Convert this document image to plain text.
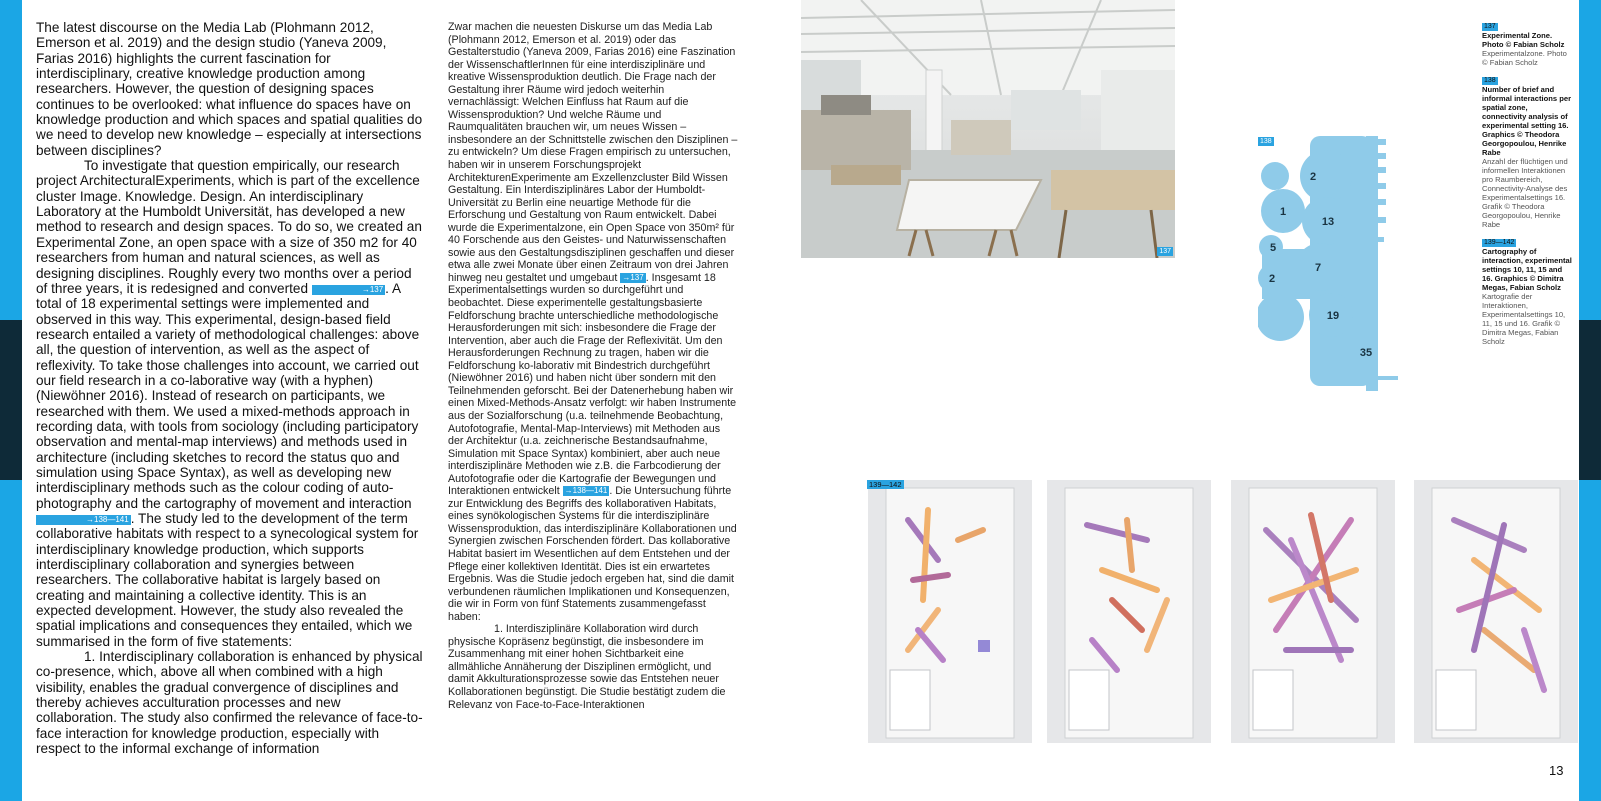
The latest discourse on the Media Lab (Plohmann 2012, Emerson et al. 2019) and the design studio (Yaneva 2009, Farias 2016) highlights the current fascination for interdisciplinary, creative knowledge production among researchers. However, the question of designing spaces continues to be overlooked: what influence do spaces have on knowledge production and which spaces and spatial qualities do we need to develop new knowledge – especially at intersections between disciplines?

To investigate that question empirically, our research project ArchitecturalExperiments, which is part of the excellence cluster Image. Knowledge. Design. An interdisciplinary Laboratory at the Humboldt Universität, has developed a new method to research and design spaces. To do so, we created an Experimental Zone, an open space with a size of 350 m2 for 40 researchers from human and natural sciences, as well as designing disciplines. Roughly every two months over a period of three years, it is redesigned and converted	→137 . A total of 18 experimental settings were implemented and observed in this way. This experimental, design-based field research entailed a variety of methodological challenges: above all, the question of intervention, as well as the aspect of reflexivity. To take those challenges into account, we carried out our field research in a co-laborative way (with a hyphen) (Niewöhner 2016). Instead of research on participants, we researched with them. We used a mixed-methods approach in recording data, with tools from sociology (including participatory observation and mental-map interviews) and methods used in architecture (including sketches to record the status quo and simulation using Space Syntax), as well as developing new interdisciplinary methods such as the colour coding of auto-photography and the cartography of movement and interaction →138—141 . The study led to the development of the term collaborative habitats with respect to a synecological system for interdisciplinary knowledge production, which supports interdisciplinary collaboration and synergies between researchers. The collaborative habitat is largely based on creating and maintaining a collective identity. This is an expected development. However, the study also revealed the spatial implications and consequences they entailed, which we summarised in the form of five statements:

1. Interdisciplinary collaboration is enhanced by physical co-presence, which, above all when combined with a high visibility, enables the gradual convergence of disciplines and thereby achieves acculturation processes and new collaboration. The study also confirmed the relevance of face-to-face interaction for knowledge production, especially with respect to the informal exchange of information

Zwar machen die neuesten Diskurse um das Media Lab (Plohmann 2012, Emerson et al. 2019) oder das Gestalterstudio (Yaneva 2009, Farias 2016) eine Faszination der WissenschaftlerInnen für eine interdisziplinäre und kreative Wissensproduktion deutlich. Die Frage nach der Gestaltung ihrer Räume wird jedoch weiterhin vernachlässigt: Welchen Einfluss hat Raum auf die Wissensproduktion? Und welche Räume und Raumqualitäten brauchen wir, um neues Wissen – insbesondere an der Schnittstelle zwischen den Disziplinen – zu entwickeln? Um diese Fragen empirisch zu untersuchen, haben wir in unserem Forschungsprojekt ArchitekturenExperimente am Exzellenzcluster Bild Wissen Gestaltung. Ein Interdisziplinäres Labor der Humboldt-Universität zu Berlin eine neuartige Methode für die Erforschung und Gestaltung von Raum entwickelt. Dabei wurde die Experimentalzone, ein Open Space von 350m² für 40 Forschende aus den Geistes- und Naturwissenschaften sowie aus den Gestaltungsdisziplinen geschaffen und dieser etwa alle zwei Monate über einen Zeitraum von drei Jahren hinweg neu gestaltet und umgebaut →137 . Insgesamt 18 Experimentalsettings wurden so durchgeführt und beobachtet. Diese experimentelle gestaltungsbasierte Feldforschung brachte unterschiedliche methodologische Herausforderungen mit sich: insbesondere die Frage der Intervention, aber auch die Frage der Reflexivität. Um den Herausforderungen Rechnung zu tragen, haben wir die Feldforschung ko-laborativ mit Bindestrich durchgeführt (Niewöhner 2016) und haben nicht über sondern mit den Teilnehmenden geforscht. Bei der Datenerhebung haben wir einen Mixed-Methods-Ansatz verfolgt: wir haben Instrumente aus der Sozialforschung (u.a. teilnehmende Beobachtung, Autofotografie, Mental-Map-Interviews) mit Methoden aus der Architektur (u.a. zeichnerische Bestandsaufnahme, Simulation mit Space Syntax) kombiniert, aber auch neue interdisziplinäre Methoden wie z.B. die Farbcodierung der Autofotografie oder die Kartografie der Bewegungen und Interaktionen entwickelt →138—141 . Die Untersuchung führte zur Entwicklung des Begriffs des kollaborativen Habitats, eines synökologischen Systems für die interdisziplinäre Wissensproduktion, das interdisziplinäre Kollaborationen und Synergien zwischen Forschenden fördert. Das kollaborative Habitat basiert im Wesentlichen auf dem Entstehen und der Pflege einer kollektiven Identität. Dies ist ein erwartetes Ergebnis. Was die Studie jedoch ergeben hat, sind die damit verbundenen räumlichen Implikationen und Konsequenzen, die wir in Form von fünf Statements zusammengefasst haben:

1. Interdisziplinäre Kollaboration wird durch physische Kopräsenz begünstigt, die insbesondere im Zusammenhang mit einer hohen Sichtbarkeit eine allmähliche Annäherung der Disziplinen ermöglicht, und damit Akkulturationsprozesse sowie das Entstehen neuer Kollaborationen begünstigt. Die Studie bestätigt zudem die Relevanz von Face-to-Face-Interaktionen

137
2
1
13
5
7
2
19
35
138
137
Experimental Zone. Photo © Fabian Scholz
Experimentalzone. Photo © Fabian Scholz
138
Number of brief and informal interactions per spatial zone, connectivity analysis of experimental setting 16. Graphics © Theodora Georgopoulou, Henrike Rabe
Anzahl der flüchtigen und informellen Interaktionen pro Raumbereich, Connectivity-Analyse des Experimentalsettings 16. Grafik © Theodora Georgopoulou, Henrike Rabe
139—142
Cartography of interaction, experimental settings 10, 11, 15 and 16. Graphics © Dimitra Megas, Fabian Scholz
Kartografie der Interaktionen, Experimentalsettings 10, 11, 15 und 16. Grafik © Dimitra Megas, Fabian Scholz
139—142
13
